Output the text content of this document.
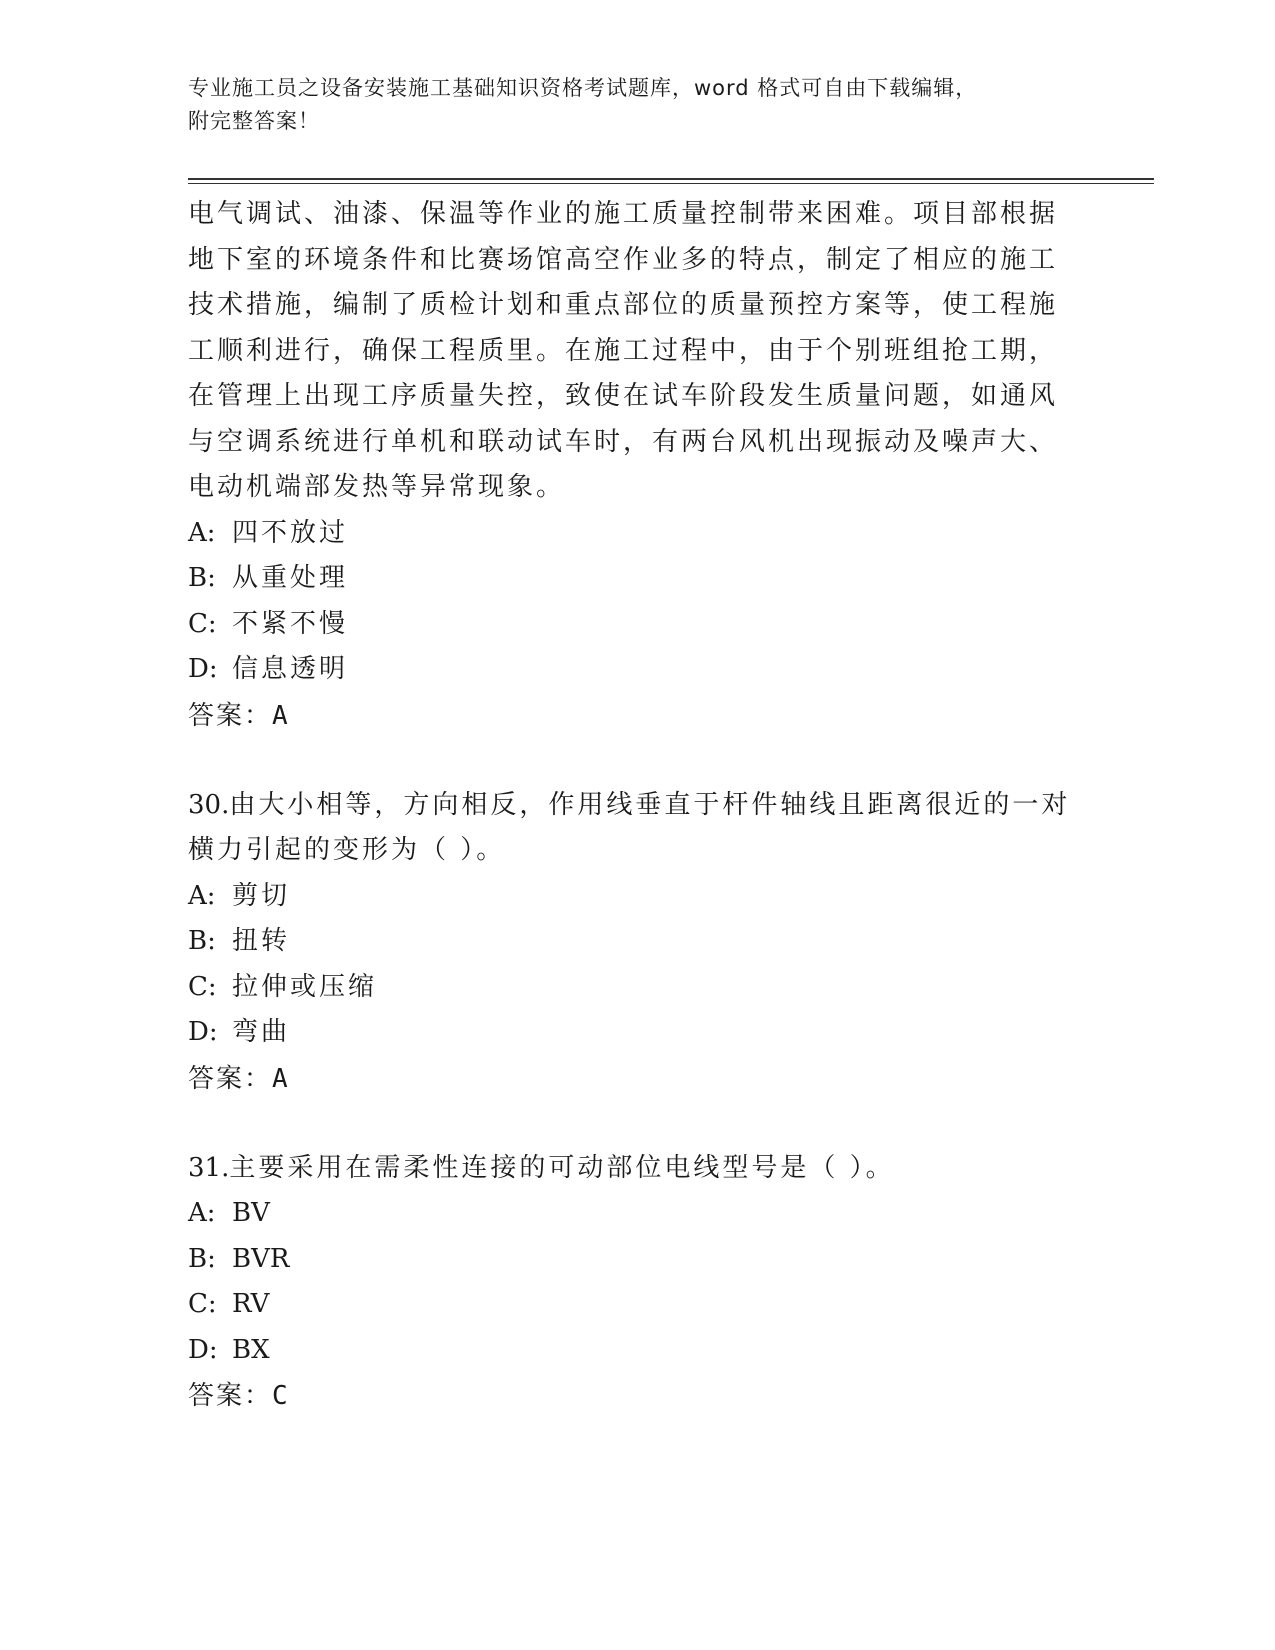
专业施工员之设备安装施工基础知识资格考试题库，word 格式可自由下载编辑，
附完整答案！
电气调试、油漆、保温等作业的施工质量控制带来困难。项目部根据
地下室的环境条件和比赛场馆高空作业多的特点，制定了相应的施工
技术措施，编制了质检计划和重点部位的质量预控方案等，使工程施
工顺利进行，确保工程质里。在施工过程中，由于个别班组抢工期，
在管理上出现工序质量失控，致使在试车阶段发生质量问题，如通风
与空调系统进行单机和联动试车时，有两台风机出现振动及噪声大、
电动机端部发热等异常现象。
A: 四不放过
B: 从重处理
C: 不紧不慢
D: 信息透明
答案：A
30.由大小相等，方向相反，作用线垂直于杆件轴线且距离很近的一对
横力引起的变形为（ ）。
A: 剪切
B: 扭转
C: 拉伸或压缩
D: 弯曲
答案：A
31.主要采用在需柔性连接的可动部位电线型号是（ ）。
A: BV
B: BVR
C: RV
D: BX
答案：C
